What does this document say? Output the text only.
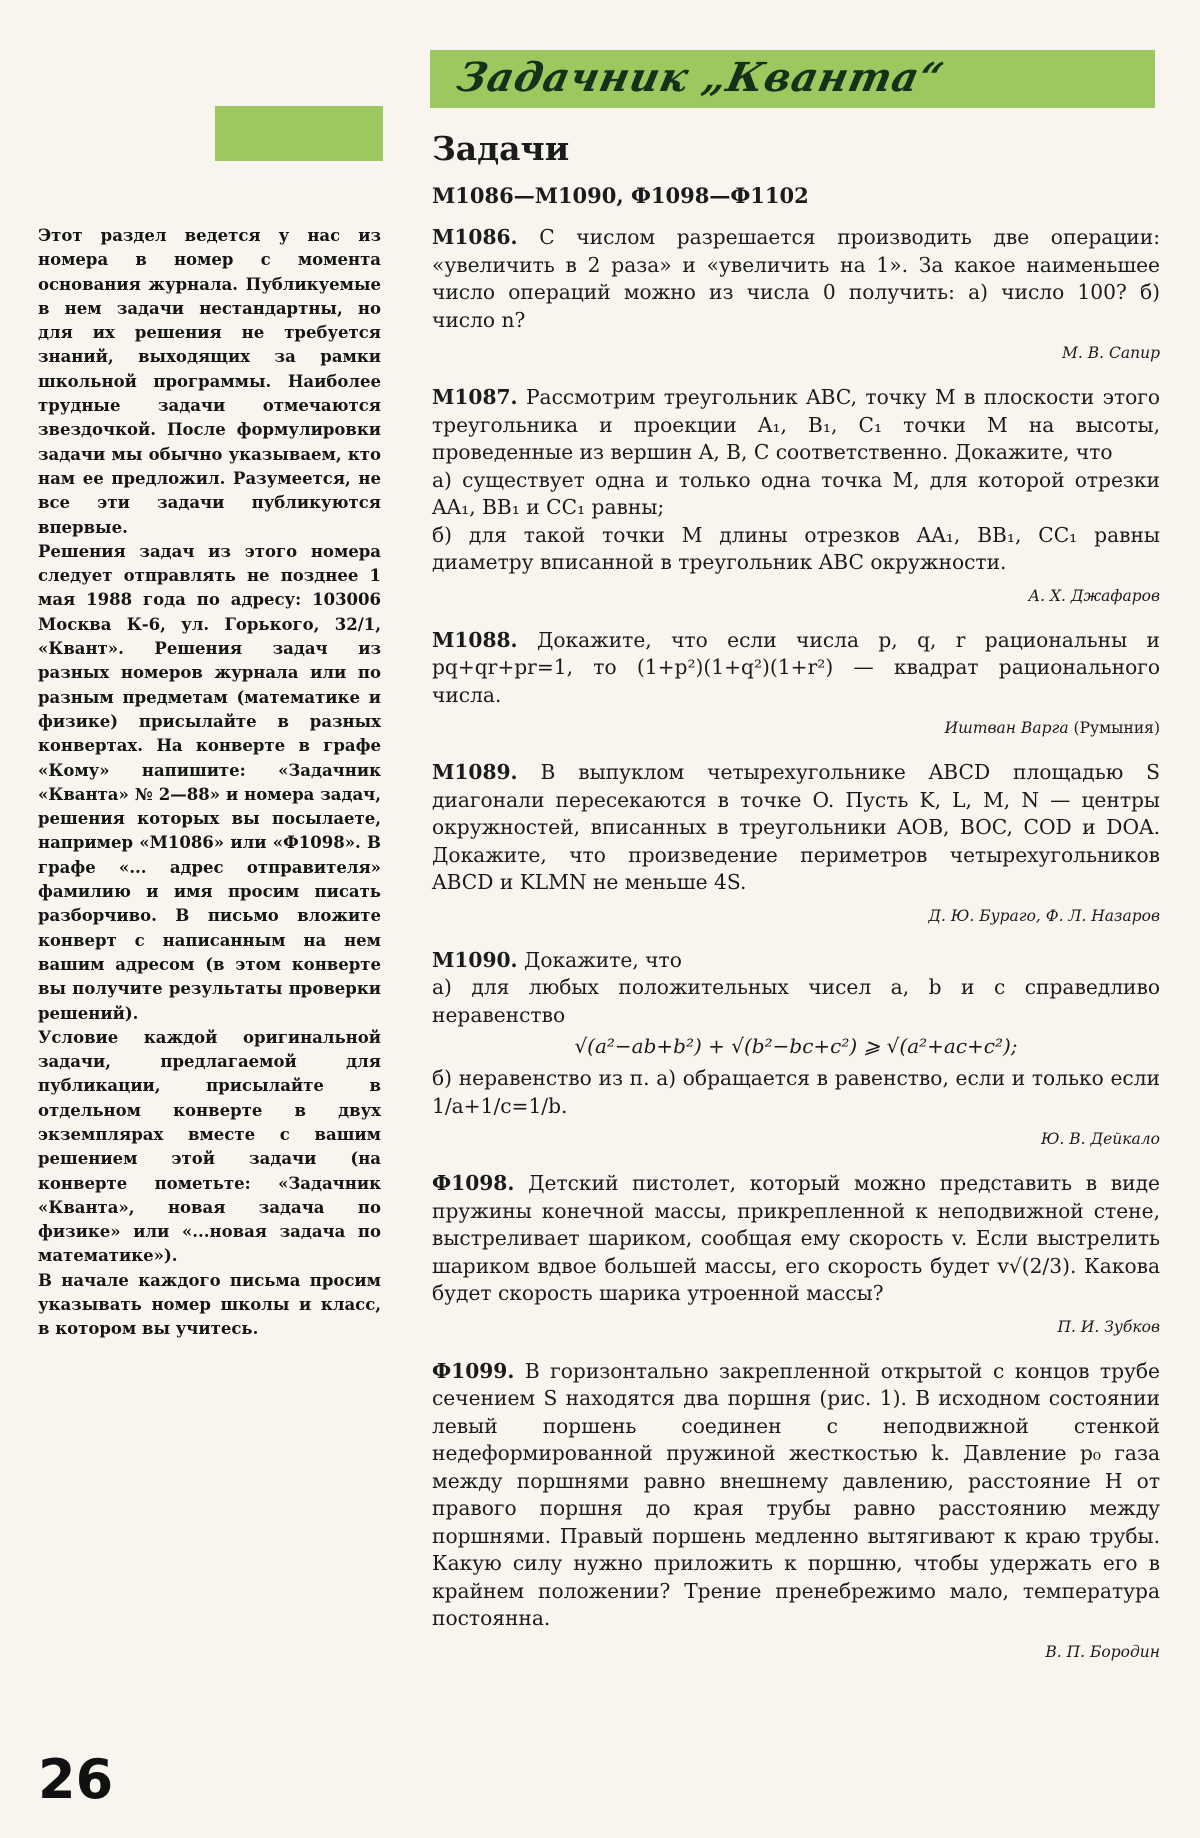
Задачник „Кванта“

Этот раздел ведется у нас из номера в номер с момента основания журнала. Публикуемые в нем задачи нестандартны, но для их решения не требуется знаний, выходящих за рамки школьной программы. Наиболее трудные задачи отмечаются звездочкой. После формулировки задачи мы обычно указываем, кто нам ее предложил. Разумеется, не все эти задачи публикуются впервые.

Решения задач из этого номера следует отправлять не позднее 1 мая 1988 года по адресу: 103006 Москва К-6, ул. Горького, 32/1, «Квант». Решения задач из разных номеров журнала или по разным предметам (математике и физике) присылайте в разных конвертах. На конверте в графе «Кому» напишите: «Задачник «Кванта» № 2—88» и номера задач, решения которых вы посылаете, например «М1086» или «Ф1098». В графе «... адрес отправителя» фамилию и имя просим писать разборчиво. В письмо вложите конверт с написанным на нем вашим адресом (в этом конверте вы получите результаты проверки решений).

Условие каждой оригинальной задачи, предлагаемой для публикации, присылайте в отдельном конверте в двух экземплярах вместе с вашим решением этой задачи (на конверте пометьте: «Задачник «Кванта», новая задача по физике» или «...новая задача по математике»).

В начале каждого письма просим указывать номер школы и класс, в котором вы учитесь.

Задачи
М1086—М1090, Ф1098—Ф1102

М1086. С числом разрешается производить две операции: «увеличить в 2 раза» и «увеличить на 1». За какое наименьшее число операций можно из числа 0 получить: а) число 100? б) число n?

М. В. Сапир

М1087. Рассмотрим треугольник ABC, точку M в плоскости этого треугольника и проекции A₁, B₁, C₁ точки M на высоты, проведенные из вершин A, B, C соответственно. Докажите, что
а) существует одна и только одна точка M, для которой отрезки AA₁, BB₁ и CC₁ равны;
б) для такой точки M длины отрезков AA₁, BB₁, CC₁ равны диаметру вписанной в треугольник ABC окружности.

А. Х. Джафаров

М1088. Докажите, что если числа p, q, r рациональны и pq+qr+pr=1, то (1+p²)(1+q²)(1+r²) — квадрат рационального числа.

Иштван Варга (Румыния)

М1089. В выпуклом четырехугольнике ABCD площадью S диагонали пересекаются в точке O. Пусть K, L, M, N — центры окружностей, вписанных в треугольники AOB, BOC, COD и DOA. Докажите, что произведение периметров четырехугольников ABCD и KLMN не меньше 4S.

Д. Ю. Бураго, Ф. Л. Назаров

М1090. Докажите, что
а) для любых положительных чисел a, b и c справедливо неравенство

√(a²−ab+b²) + √(b²−bc+c²) ⩾ √(a²+ac+c²);

б) неравенство из п. а) обращается в равенство, если и только если 1/a+1/c=1/b.

Ю. В. Дейкало

Ф1098. Детский пистолет, который можно представить в виде пружины конечной массы, прикрепленной к неподвижной стене, выстреливает шариком, сообщая ему скорость v. Если выстрелить шариком вдвое большей массы, его скорость будет v√(2/3). Какова будет скорость шарика утроенной массы?

П. И. Зубков

Ф1099. В горизонтально закрепленной открытой с концов трубе сечением S находятся два поршня (рис. 1). В исходном состоянии левый поршень соединен с неподвижной стенкой недеформированной пружиной жесткостью k. Давление p₀ газа между поршнями равно внешнему давлению, расстояние H от правого поршня до края трубы равно расстоянию между поршнями. Правый поршень медленно вытягивают к краю трубы. Какую силу нужно приложить к поршню, чтобы удержать его в крайнем положении? Трение пренебрежимо мало, температура постоянна.

В. П. Бородин
26
